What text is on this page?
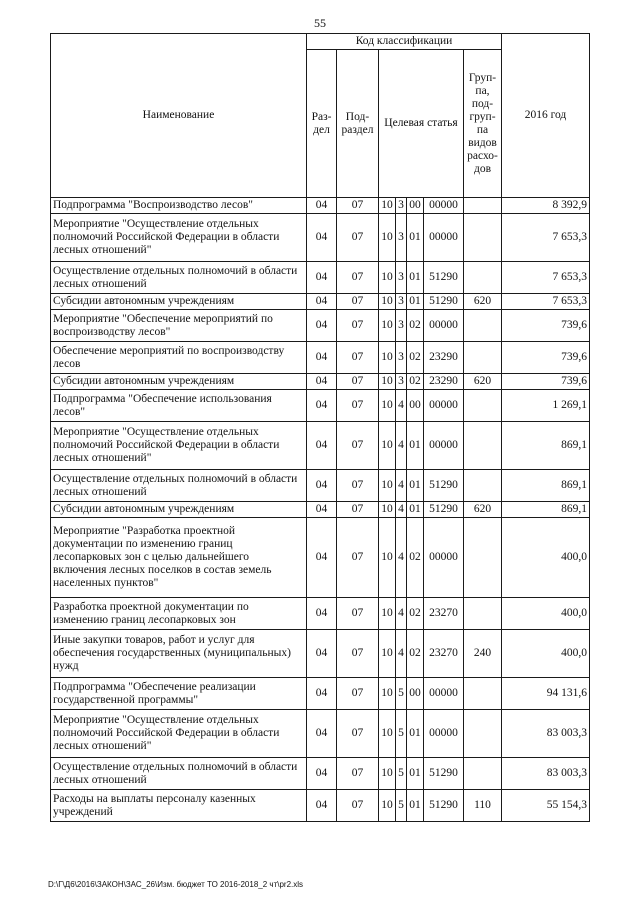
55
Наименование	Код классификации							2016 год
	Раз- дел	Под- раздел	Целевая статья				Груп- па, под- груп- па видов расхо- дов	
Подпрограмма "Воспроизводство лесов"	04	07	10	3	00	00000		8 392,9
Мероприятие "Осуществление отдельных полномочий Российской Федерации в области лесных отношений"	04	07	10	3	01	00000		7 653,3
Осуществление отдельных полномочий в области лесных отношений	04	07	10	3	01	51290		7 653,3
Субсидии автономным учреждениям	04	07	10	3	01	51290	620	7 653,3
Мероприятие "Обеспечение мероприятий по воспроизводству лесов"	04	07	10	3	02	00000		739,6
Обеспечение мероприятий по воспроизводству лесов	04	07	10	3	02	23290		739,6
Субсидии автономным учреждениям	04	07	10	3	02	23290	620	739,6
Подпрограмма "Обеспечение использования лесов"	04	07	10	4	00	00000		1 269,1
Мероприятие "Осуществление отдельных полномочий Российской Федерации в области лесных отношений"	04	07	10	4	01	00000		869,1
Осуществление отдельных полномочий в области лесных отношений	04	07	10	4	01	51290		869,1
Субсидии автономным учреждениям	04	07	10	4	01	51290	620	869,1
Мероприятие "Разработка проектной документации по изменению границ лесопарковых зон с целью дальнейшего включения лесных поселков в состав земель населенных пунктов"	04	07	10	4	02	00000		400,0
Разработка проектной документации по изменению границ лесопарковых зон	04	07	10	4	02	23270		400,0
Иные закупки товаров, работ и услуг для обеспечения государственных (муниципальных) нужд	04	07	10	4	02	23270	240	400,0
Подпрограмма "Обеспечение реализации государственной программы"	04	07	10	5	00	00000		94 131,6
Мероприятие "Осуществление отдельных полномочий Российской Федерации в области лесных отношений"	04	07	10	5	01	00000		83 003,3
Осуществление отдельных полномочий в области лесных отношений	04	07	10	5	01	51290		83 003,3
Расходы на выплаты персоналу казенных учреждений	04	07	10	5	01	51290	110	55 154,3
D:\Г\Д6\2016\ЗАКОН\ЗАС_26\Изм. бюджет ТО 2016-2018_2 чт\pr2.xls
